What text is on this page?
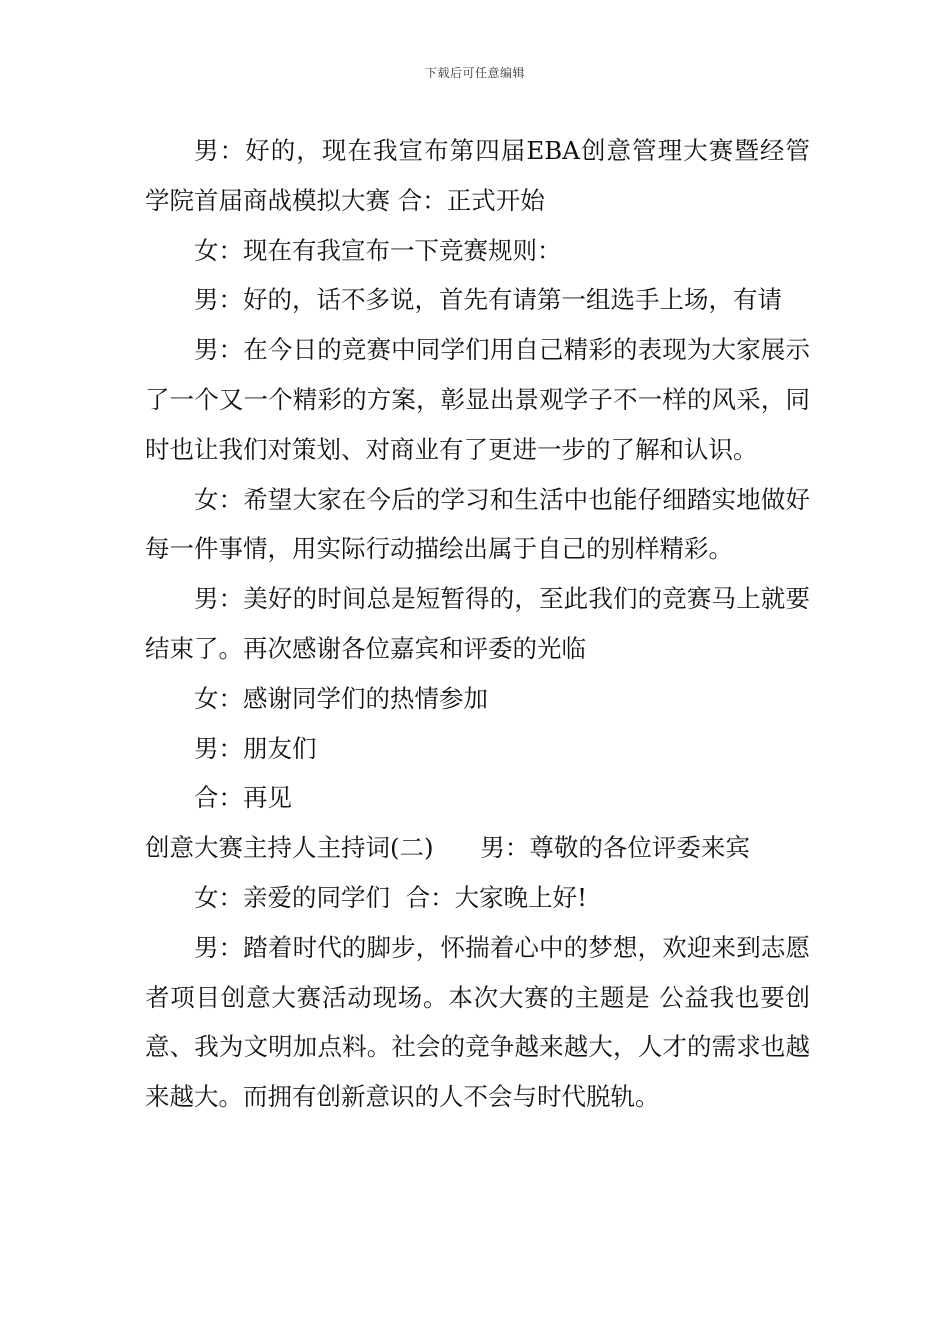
下载后可任意编辑

男：好的，现在我宣布第四届EBA创意管理大赛暨经管学院首届商战模拟大赛 合：正式开始

女：现在有我宣布一下竞赛规则：

男：好的，话不多说，首先有请第一组选手上场，有请

男：在今日的竞赛中同学们用自己精彩的表现为大家展示了一个又一个精彩的方案，彰显出景观学子不一样的风采，同时也让我们对策划、对商业有了更进一步的了解和认识。

女：希望大家在今后的学习和生活中也能仔细踏实地做好每一件事情，用实际行动描绘出属于自己的别样精彩。

男：美好的时间总是短暂得的，至此我们的竞赛马上就要结束了。再次感谢各位嘉宾和评委的光临

女：感谢同学们的热情参加

男：朋友们

合：再见

创意大赛主持人主持词(二)      男：尊敬的各位评委来宾

女：亲爱的同学们  合：大家晚上好!

男：踏着时代的脚步，怀揣着心中的梦想，欢迎来到志愿者项目创意大赛活动现场。本次大赛的主题是 公益我也要创意、我为文明加点料。社会的竞争越来越大，人才的需求也越来越大。而拥有创新意识的人不会与时代脱轨。
